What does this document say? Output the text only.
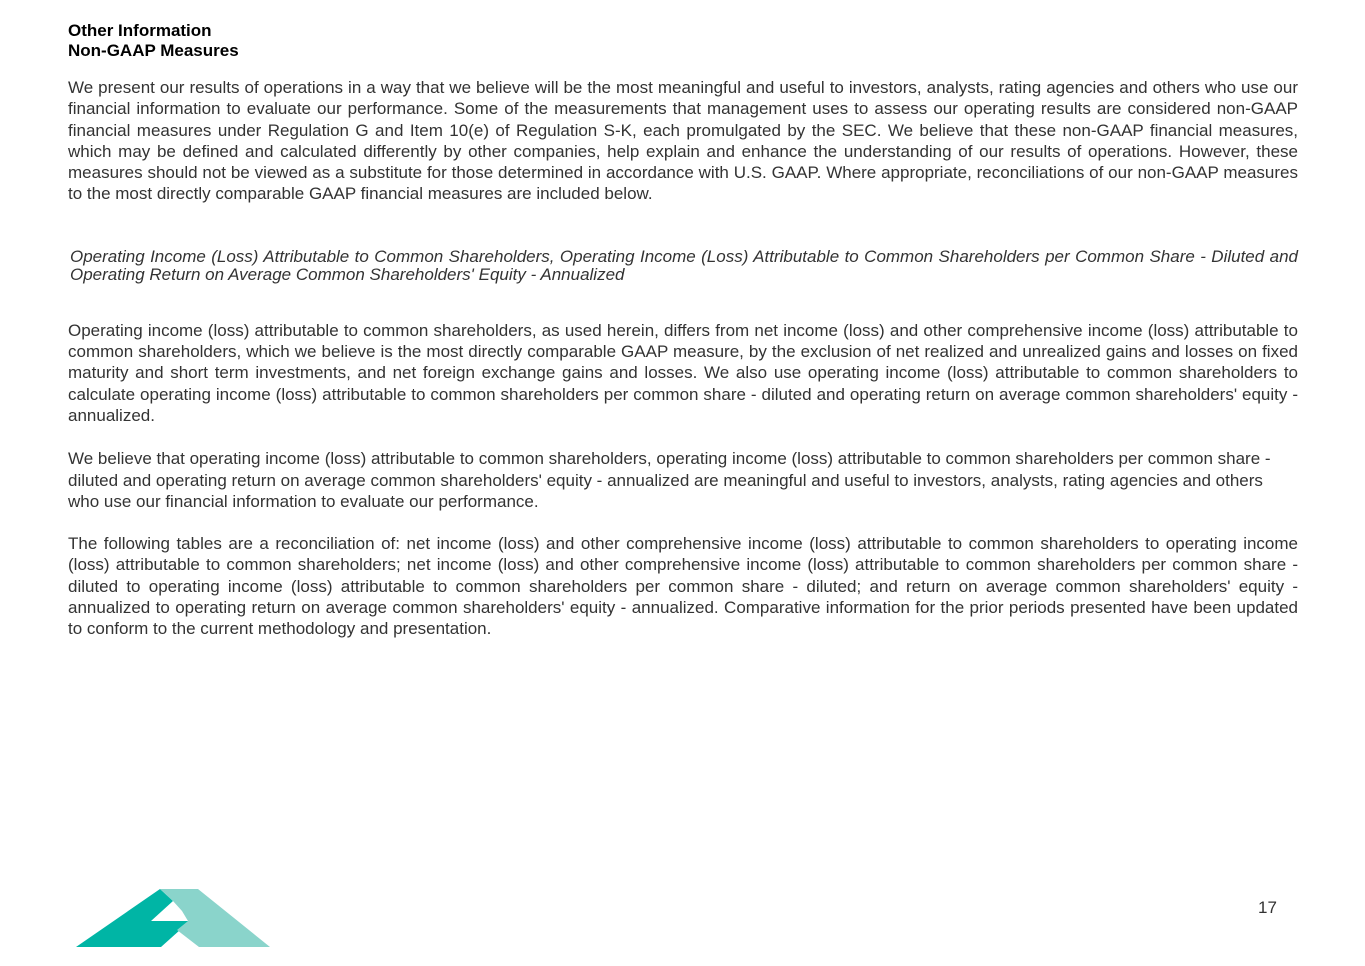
Other Information
Non-GAAP Measures

We present our results of operations in a way that we believe will be the most meaningful and useful to investors, analysts, rating agencies and others who use our financial information to evaluate our performance. Some of the measurements that management uses to assess our operating results are considered non-GAAP financial measures under Regulation G and Item 10(e) of Regulation S-K, each promulgated by the SEC. We believe that these non-GAAP financial measures, which may be defined and calculated differently by other companies, help explain and enhance the understanding of our results of operations. However, these measures should not be viewed as a substitute for those determined in accordance with U.S. GAAP. Where appropriate, reconciliations of our non-GAAP measures to the most directly comparable GAAP financial measures are included below.

Operating Income (Loss) Attributable to Common Shareholders, Operating Income (Loss) Attributable to Common Shareholders per Common Share - Diluted and Operating Return on Average Common Shareholders' Equity - Annualized

Operating income (loss) attributable to common shareholders, as used herein, differs from net income (loss) and other comprehensive income (loss) attributable to common shareholders, which we believe is the most directly comparable GAAP measure, by the exclusion of net realized and unrealized gains and losses on fixed maturity and short term investments, and net foreign exchange gains and losses. We also use operating income (loss) attributable to common shareholders to calculate operating income (loss) attributable to common shareholders per common share - diluted and operating return on average common shareholders' equity - annualized.

We believe that operating income (loss) attributable to common shareholders, operating income (loss) attributable to common shareholders per common share - diluted and operating return on average common shareholders' equity - annualized are meaningful and useful to investors, analysts, rating agencies and others who use our financial information to evaluate our performance.

The following tables are a reconciliation of: net income (loss) and other comprehensive income (loss) attributable to common shareholders to operating income (loss) attributable to common shareholders; net income (loss) and other comprehensive income (loss) attributable to common shareholders per common share - diluted to operating income (loss) attributable to common shareholders per common share - diluted; and return on average common shareholders' equity - annualized to operating return on average common shareholders' equity - annualized. Comparative information for the prior periods presented have been updated to conform to the current methodology and presentation.

17
